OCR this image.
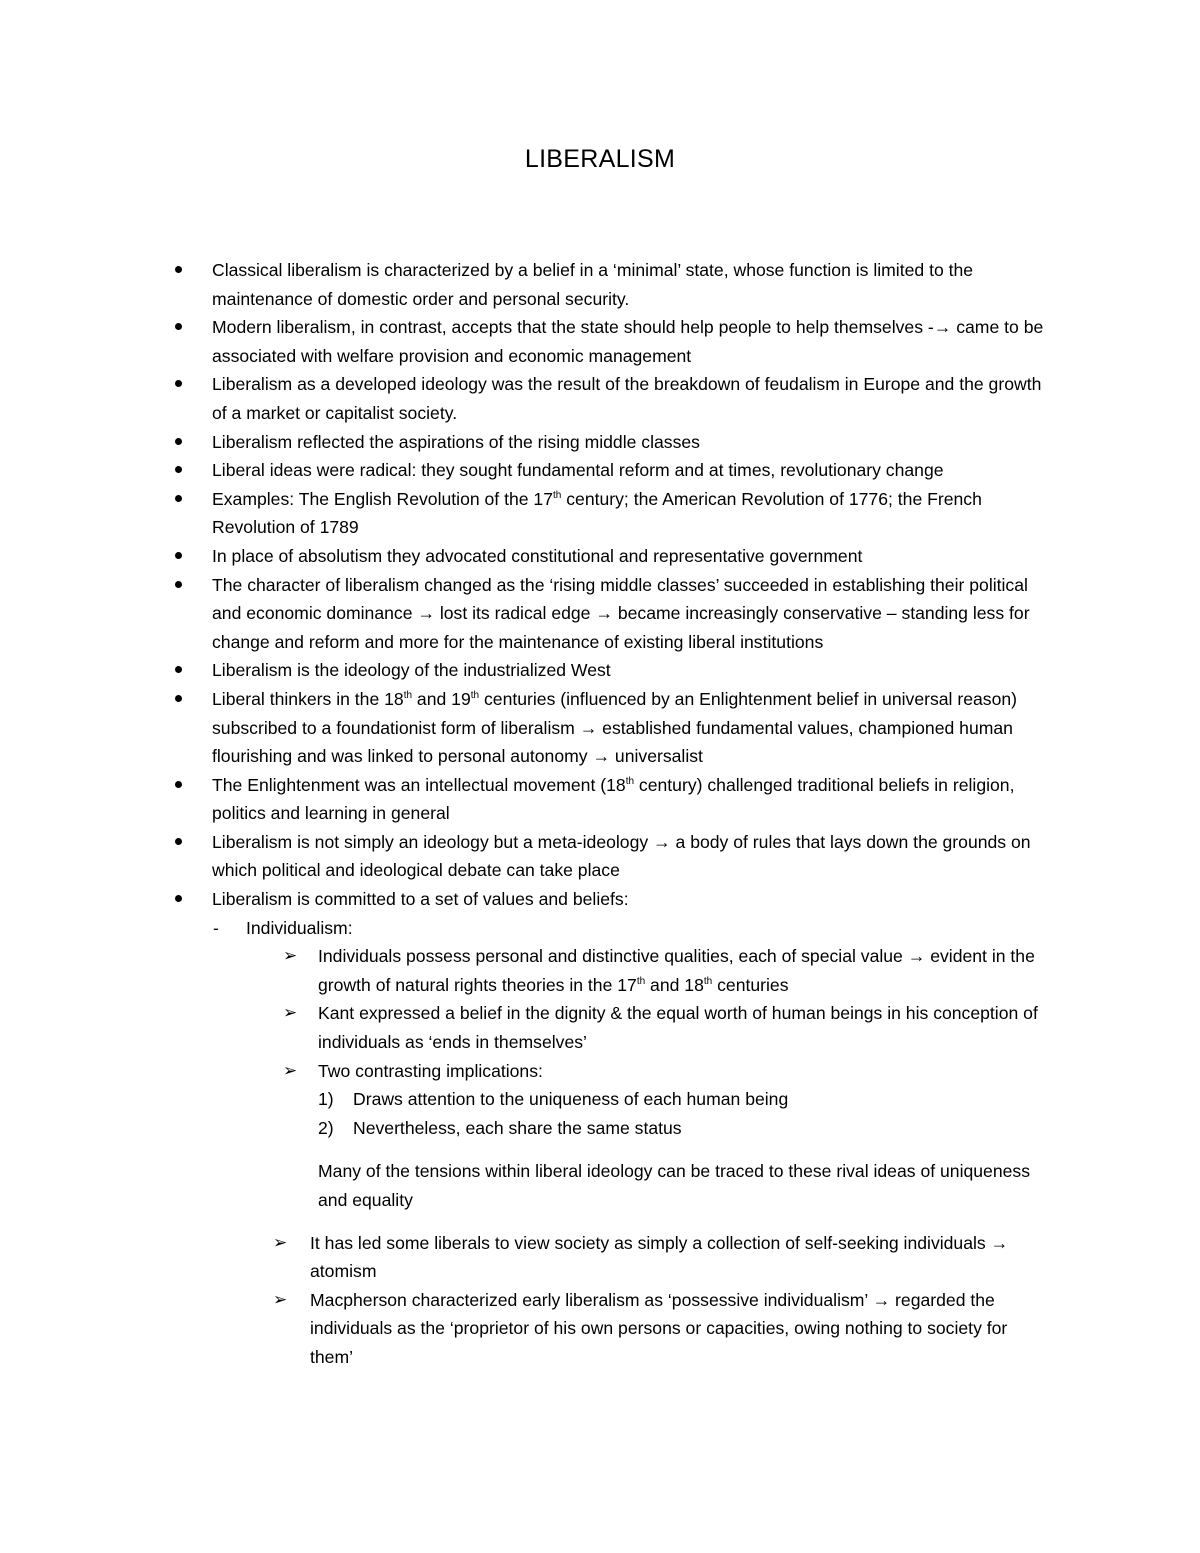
LIBERALISM
Classical liberalism is characterized by a belief in a ‘minimal’ state, whose function is limited to the maintenance of domestic order and personal security.
Modern liberalism, in contrast, accepts that the state should help people to help themselves -→ came to be associated with welfare provision and economic management
Liberalism as a developed ideology was the result of the breakdown of feudalism in Europe and the growth of a market or capitalist society.
Liberalism reflected the aspirations of the rising middle classes
Liberal ideas were radical: they sought fundamental reform and at times, revolutionary change
Examples: The English Revolution of the 17th century; the American Revolution of 1776; the French Revolution of 1789
In place of absolutism they advocated constitutional and representative government
The character of liberalism changed as the ‘rising middle classes’ succeeded in establishing their political and economic dominance → lost its radical edge → became increasingly conservative – standing less for change and reform and more for the maintenance of existing liberal institutions
Liberalism is the ideology of the industrialized West
Liberal thinkers in the 18th and 19th centuries (influenced by an Enlightenment belief in universal reason) subscribed to a foundationist form of liberalism → established fundamental values, championed human flourishing and was linked to personal autonomy → universalist
The Enlightenment was an intellectual movement (18th century) challenged traditional beliefs in religion, politics and learning in general
Liberalism is not simply an ideology but a meta-ideology → a body of rules that lays down the grounds on which political and ideological debate can take place
Liberalism is committed to a set of values and beliefs:
- Individualism:
➢ Individuals possess personal and distinctive qualities, each of special value → evident in the growth of natural rights theories in the 17th and 18th centuries
➢ Kant expressed a belief in the dignity & the equal worth of human beings in his conception of individuals as ‘ends in themselves’
➢ Two contrasting implications:
1) Draws attention to the uniqueness of each human being
2) Nevertheless, each share the same status
Many of the tensions within liberal ideology can be traced to these rival ideas of uniqueness and equality
➢ It has led some liberals to view society as simply a collection of self-seeking individuals → atomism
➢ Macpherson characterized early liberalism as ‘possessive individualism’ → regarded the individuals as the ‘proprietor of his own persons or capacities, owing nothing to society for them’
